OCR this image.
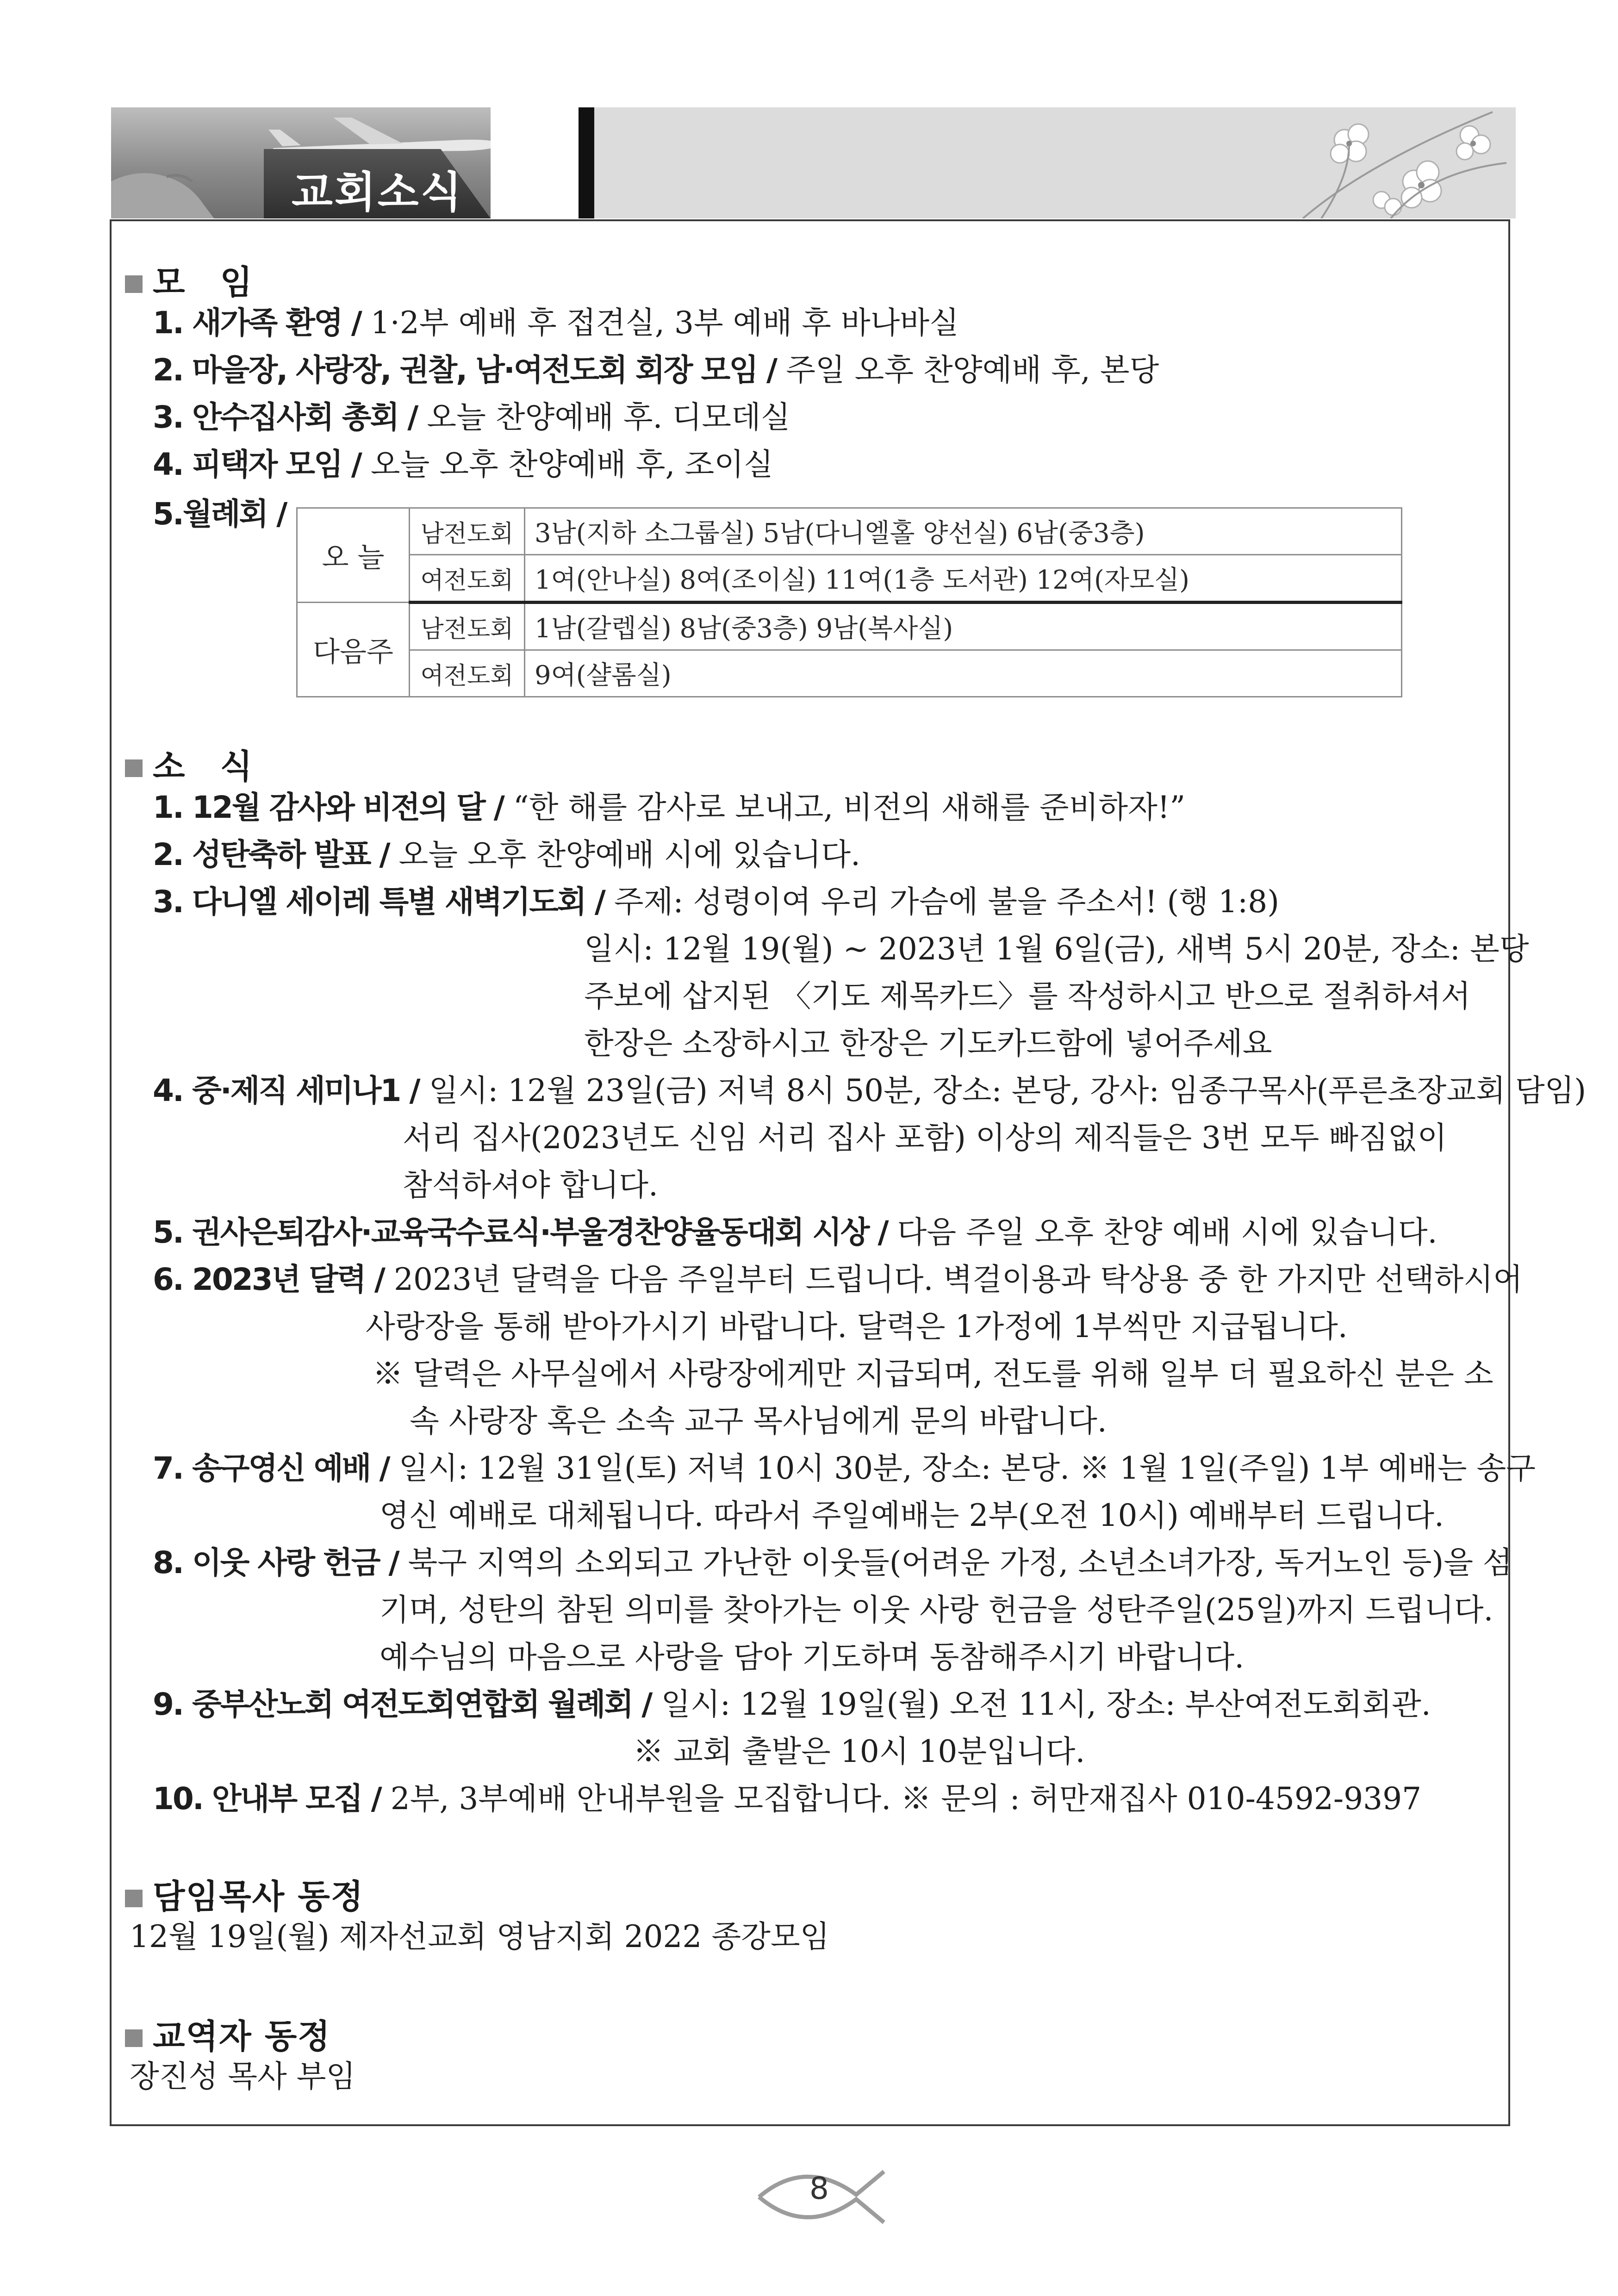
교회소식
모　임
1. 새가족 환영 / 1·2부 예배 후 접견실, 3부 예배 후 바나바실
2. 마을장, 사랑장, 권찰, 남·여전도회 회장 모임 / 주일 오후 찬양예배 후, 본당
3. 안수집사회 총회 / 오늘 찬양예배 후. 디모데실
4. 피택자 모임 / 오늘 오후 찬양예배 후, 조이실
5.월례회 /
오 늘	남전도회	3남(지하 소그룹실) 5남(다니엘홀 양선실) 6남(중3층)
	여전도회	1여(안나실) 8여(조이실) 11여(1층 도서관) 12여(자모실)
다음주	남전도회	1남(갈렙실) 8남(중3층) 9남(복사실)
	여전도회	9여(샬롬실)
소　식
1. 12월 감사와 비전의 달 / “한 해를 감사로 보내고, 비전의 새해를 준비하자!”
2. 성탄축하 발표 / 오늘 오후 찬양예배 시에 있습니다.
3. 다니엘 세이레 특별 새벽기도회 / 주제: 성령이여 우리 가슴에 불을 주소서! (행 1:8)
일시: 12월 19(월) ~ 2023년 1월 6일(금), 새벽 5시 20분, 장소: 본당
주보에 삽지된 〈기도 제목카드〉를 작성하시고 반으로 절취하셔서
한장은 소장하시고 한장은 기도카드함에 넣어주세요
4. 중·제직 세미나1 / 일시: 12월 23일(금) 저녁 8시 50분, 장소: 본당, 강사: 임종구목사(푸른초장교회 담임)
서리 집사(2023년도 신임 서리 집사 포함) 이상의 제직들은 3번 모두 빠짐없이
참석하셔야 합니다.
5. 권사은퇴감사·교육국수료식·부울경찬양율동대회 시상 / 다음 주일 오후 찬양 예배 시에 있습니다.
6. 2023년 달력 / 2023년 달력을 다음 주일부터 드립니다. 벽걸이용과 탁상용 중 한 가지만 선택하시어
사랑장을 통해 받아가시기 바랍니다. 달력은 1가정에 1부씩만 지급됩니다.
※ 달력은 사무실에서 사랑장에게만 지급되며, 전도를 위해 일부 더 필요하신 분은 소
속 사랑장 혹은 소속 교구 목사님에게 문의 바랍니다.
7. 송구영신 예배 / 일시: 12월 31일(토) 저녁 10시 30분, 장소: 본당. ※ 1월 1일(주일) 1부 예배는 송구
영신 예배로 대체됩니다. 따라서 주일예배는 2부(오전 10시) 예배부터 드립니다.
8. 이웃 사랑 헌금 / 북구 지역의 소외되고 가난한 이웃들(어려운 가정, 소년소녀가장, 독거노인 등)을 섬
기며, 성탄의 참된 의미를 찾아가는 이웃 사랑 헌금을 성탄주일(25일)까지 드립니다.
예수님의 마음으로 사랑을 담아 기도하며 동참해주시기 바랍니다.
9. 중부산노회 여전도회연합회 월례회 / 일시: 12월 19일(월) 오전 11시, 장소: 부산여전도회회관.
※ 교회 출발은 10시 10분입니다.
10. 안내부 모집 / 2부, 3부예배 안내부원을 모집합니다. ※ 문의 : 허만재집사 010-4592-9397
담임목사 동정
12월 19일(월) 제자선교회 영남지회 2022 종강모임
교역자 동정
장진성 목사 부임
8
